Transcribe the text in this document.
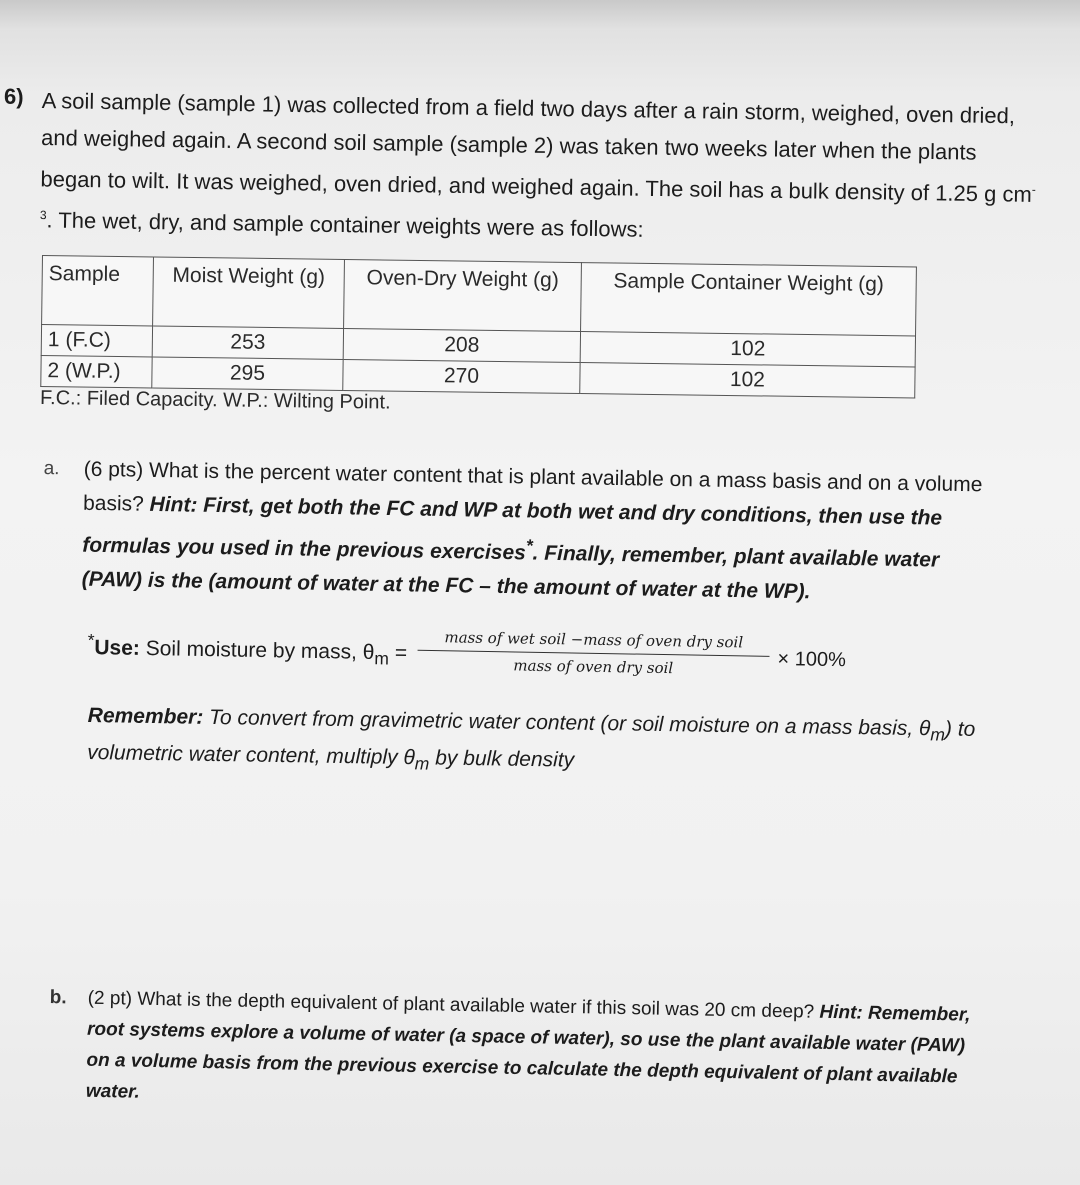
6) A soil sample (sample 1) was collected from a field two days after a rain storm, weighed, oven dried, and weighed again. A second soil sample (sample 2) was taken two weeks later when the plants began to wilt. It was weighed, oven dried, and weighed again. The soil has a bulk density of 1.25 g $cm^{-3}$. The wet, dry, and sample container weights were as follows:
Sample	Moist Weight (g)	Oven-Dry Weight (g)	Sample Container Weight (g)
1 (F.C)	253	208	102
2 (W.P.)	295	270	102
F.C.: Filed Capacity. W.P.: Wilting Point.
a. (6 pts) What is the percent water content that is plant available on a mass basis and on a volume basis? Hint: First, get both the FC and WP at both wet and dry conditions, then use the formulas you used in the previous exercises*. Finally, remember, plant available water (PAW) is the (amount of water at the FC – the amount of water at the WP).
*Use: Soil moisture by mass, $\theta_m$ =
mass of wet soil −mass of oven dry soil
mass of oven dry soil	× 100%
Remember: To convert from gravimetric water content (or soil moisture on a mass basis, $\theta_m$) to volumetric water content, multiply $\theta_m$ by bulk density
b. (2 pt) What is the depth equivalent of plant available water if this soil was 20 cm deep? Hint: Remember, root systems explore a volume of water (a space of water), so use the plant available water (PAW) on a volume basis from the previous exercise to calculate the depth equivalent of plant available water.
